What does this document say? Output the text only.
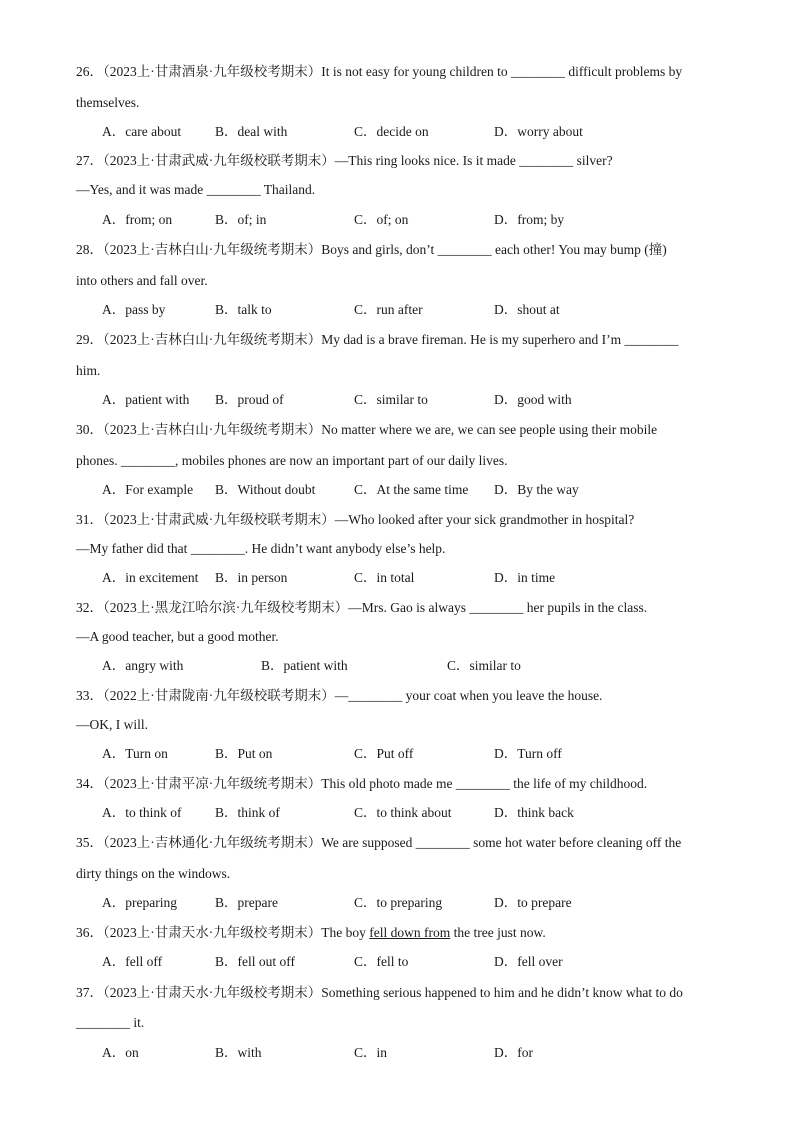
26．（2023上·甘肃酒泉·九年级校考期末）It is not easy for young children to ________ difficult problems by
themselves.
A．care about	B．deal with	C．decide on	D．worry about
27．（2023上·甘肃武威·九年级校联考期末）—This ring looks nice. Is it made ________ silver?
—Yes, and it was made ________ Thailand.
A．from; on	B．of; in	C．of; on	D．from; by
28．（2023上·吉林白山·九年级统考期末）Boys and girls, don’t ________ each other! You may bump (撞)
into others and fall over.
A．pass by	B．talk to	C．run after	D．shout at
29．（2023上·吉林白山·九年级统考期末）My dad is a brave fireman. He is my superhero and I’m ________
him.
A．patient with B．proud of	C．similar to	D．good with
30．（2023上·吉林白山·九年级统考期末）No matter where we are, we can see people using their mobile
phones. ________, mobiles phones are now an important part of our daily lives.
A．For example B．Without doubt	C．At the same time D．By the way
31．（2023上·甘肃武威·九年级校联考期末）—Who looked after your sick grandmother in hospital?
—My father did that ________. He didn’t want anybody else’s help.
A．in excitement B．in person	C．in total	D．in time
32．（2023上·黑龙江哈尔滨·九年级校考期末）—Mrs. Gao is always ________ her pupils in the class.
—A good teacher, but a good mother.
A．angry with	B．patient with	C．similar to
33．（2022上·甘肃陇南·九年级校联考期末）—________ your coat when you leave the house.
—OK, I will.
A．Turn on	B．Put on	C．Put off	D．Turn off
34．（2023上·甘肃平凉·九年级统考期末）This old photo made me ________ the life of my childhood.
A．to think of B．think of	C．to think about	D．think back
35．（2023上·吉林通化·九年级统考期末）We are supposed ________ some hot water before cleaning off the
dirty things on the windows.
A．preparing	B．prepare	C．to preparing	D．to prepare
36．（2023上·甘肃天水·九年级校考期末）The boy fell down from the tree just now.
A．fell off	B．fell out off	C．fell to	D．fell over
37．（2023上·甘肃天水·九年级校考期末）Something serious happened to him and he didn’t know what to do
________ it.
A．on	B．with	C．in	D．for
